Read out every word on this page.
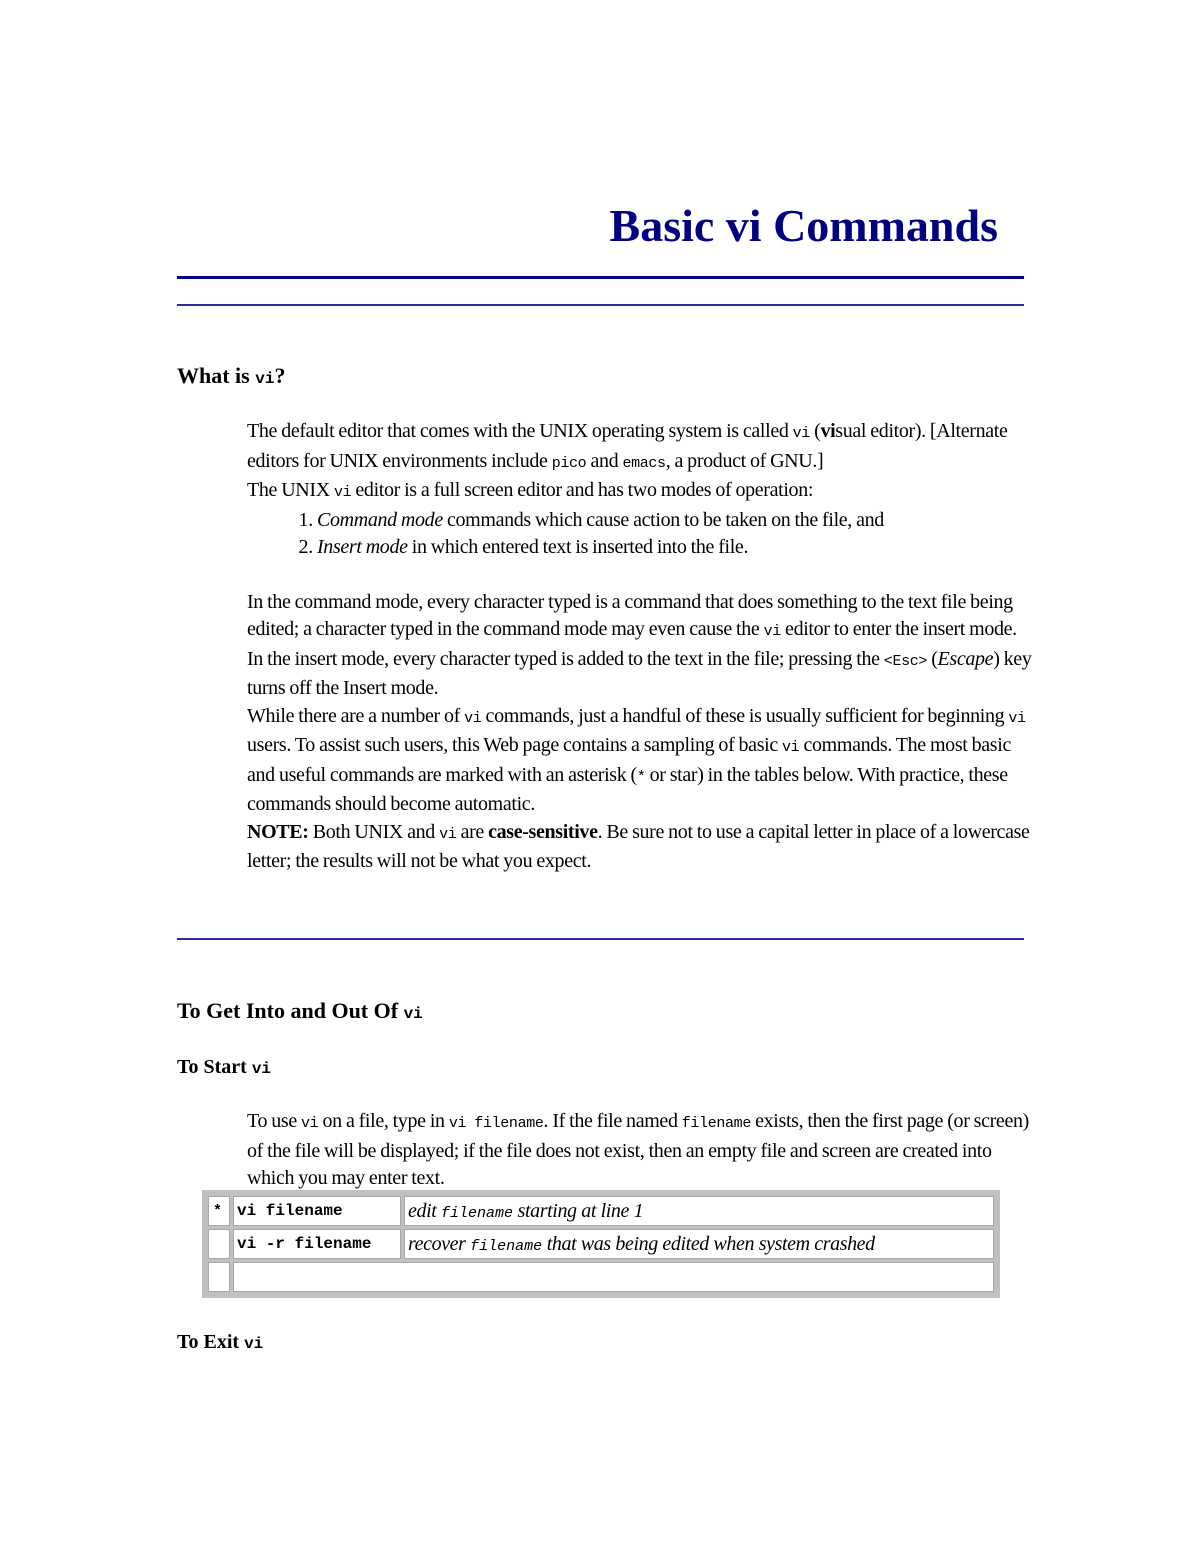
Basic vi Commands
What is vi?

The default editor that comes with the UNIX operating system is called vi (visual editor). [Alternate editors for UNIX environments include pico and emacs, a product of GNU.]

The UNIX vi editor is a full screen editor and has two modes of operation:

1. Command mode commands which cause action to be taken on the file, and
2. Insert mode in which entered text is inserted into the file.

In the command mode, every character typed is a command that does something to the text file being edited; a character typed in the command mode may even cause the vi editor to enter the insert mode. In the insert mode, every character typed is added to the text in the file; pressing the <Esc> (Escape) key turns off the Insert mode.

While there are a number of vi commands, just a handful of these is usually sufficient for beginning vi users. To assist such users, this Web page contains a sampling of basic vi commands. The most basic and useful commands are marked with an asterisk (* or star) in the tables below. With practice, these commands should become automatic.

NOTE: Both UNIX and vi are case-sensitive. Be sure not to use a capital letter in place of a lowercase letter; the results will not be what you expect.

To Get Into and Out Of vi
To Start vi

To use vi on a file, type in vi filename. If the file named filename exists, then the first page (or screen) of the file will be displayed; if the file does not exist, then an empty file and screen are created into which you may enter text.

*	vi filename	edit filename starting at line 1
	vi -r filename	recover filename that was being edited when system crashed

To Exit vi
